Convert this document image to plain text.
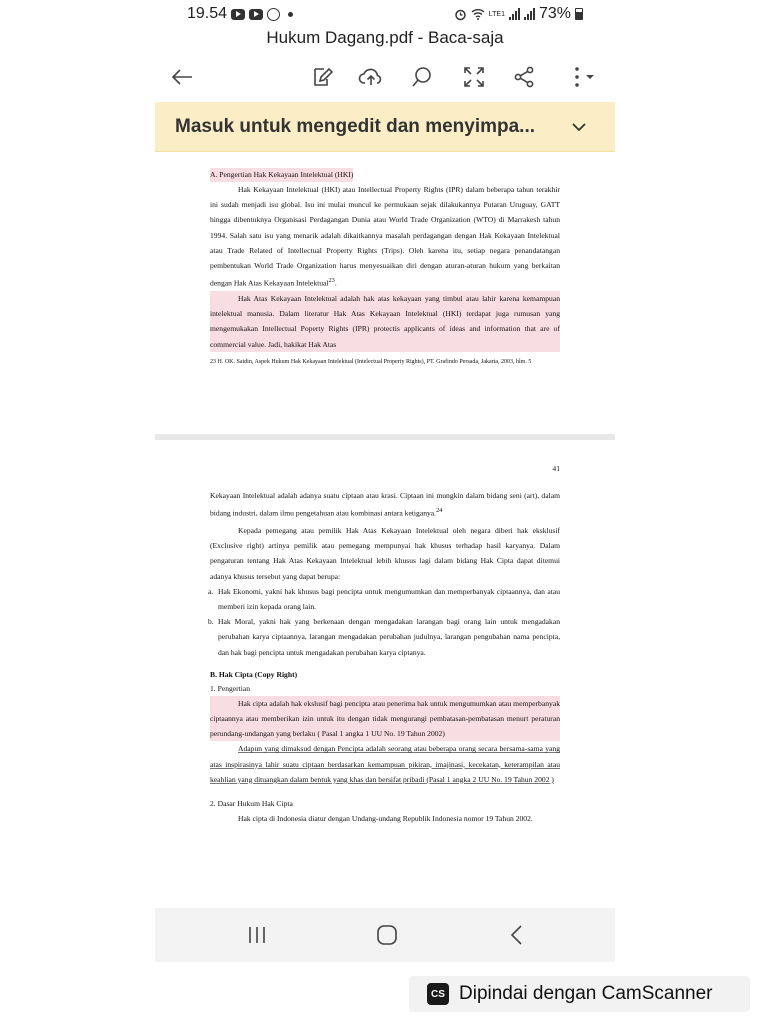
19.54	LTE1 73%
Hukum Dagang.pdf - Baca-saja
Masuk untuk mengedit dan menyimpa...
A. Pengertian Hak Kekayaan Intelektual (HKI)

Hak Kekayaan Intelektual (HKI) atau Intellectual Property Rights (IPR) dalam beberapa tahun terakhir ini sudah menjadi isu global. Isu ini mulai muncul ke permukaan sejak dilakukannya Putaran Uruguay, GATT hingga dibentuknya Organisasi Perdagangan Dunia atau World Trade Organization (WTO) di Marrakesh tahun 1994. Salah satu isu yang menarik adalah dikaitkannya masalah perdagangan dengan Hak Kekayaan Intelektual atau Trade Related of Intellectual Property Rights (Trips). Oleh karena itu, setiap negara penandatangan pembentukan World Trade Organization harus menyesuaikan diri dengan aturan-aturan hukum yang berkaitan dengan Hak Atas Kekayaan Intelektual$^{23}$.

Hak Atas Kekayaan Intelektual adalah hak atas kekayaan yang timbul atau lahir karena kemampuan intelektual manusia. Dalam literatur Hak Atas Kekayaan Intelektual (HKI) terdapat juga rumusan yang mengemukakan Intellectual Poperty Rights (IPR) protectis applicants of ideas and information that are of commercial value. Jadi, hakikat Hak Atas

23 H. OK. Saidin, Aspek Hukum Hak Kekayaan Intelektual (Intelectual Property Rights), PT. Grafindo Persada, Jakarta, 2003, hlm. 5

41

Kekayaan Intelektual adalah adanya suatu ciptaan atau krasi. Ciptaan ini mungkin dalam bidang seni (art), dalam bidang industri, dalam ilmu pengetahuan atau kombinasi antara ketiganya.$^{24}$

Kepada pemegang atau pemilik Hak Atas Kekayaan Intelektual oleh negara diberi hak eksklusif (Exclusive right) artinya pemilik atau pemegang mempunyai hak khusus terhadap hasil karyanya. Dalam pengaturan tentang Hak Atas Kekayaan Intelektual lebih khusus lagi dalam bidang Hak Cipta dapat ditemui adanya khusus tersebut yang dapat berupa:

a. Hak Ekonomi, yakni hak khusus bagi pencipta untuk mengumumkan dan memperbanyak ciptaannya, dan atau memberi izin kepada orang lain.
b. Hak Moral, yakni hak yang berkenaan dengan mengadakan larangan bagi orang lain untuk mengadakan perubahan karya ciptaannya, larangan mengadakan perubahan judulnya, larangan pengubahan nama pencipta, dan hak bagi pencipta untuk mengadakan perubahan karya ciptanya.
B. Hak Cipta (Copy Right)
1. Pengertian

Hak cipta adalah hak ekslusif bagi pencipta atau penerima hak untuk mengumumkan atau memperbanyak ciptaannya atau memberikan izin untuk itu dengan tidak mengurangi pembatasan-pembatasan menurt peraturan perundang-undangan yang berlaku ( Pasal 1 angka 1 UU No. 19 Tahun 2002)

Adapun yang dimaksud dengan Pencipta adalah seorang atau beberapa orang secara bersama-sama yang atas inspirasinya lahir suatu ciptaan berdasarkan kemampuan pikiran, imajinasi, kecekatan, keterampilan atau keahlian yang dituangkan dalam bentuk yang khas dan bersifat pribadi (Pasal 1 angka 2 UU No. 19 Tahun 2002 )

2. Dasar Hukum Hak Cipta

Hak cipta di Indonesia diatur dengan Undang-undang Republik Indonesia nomor 19 Tahun 2002.

CS Dipindai dengan CamScanner
